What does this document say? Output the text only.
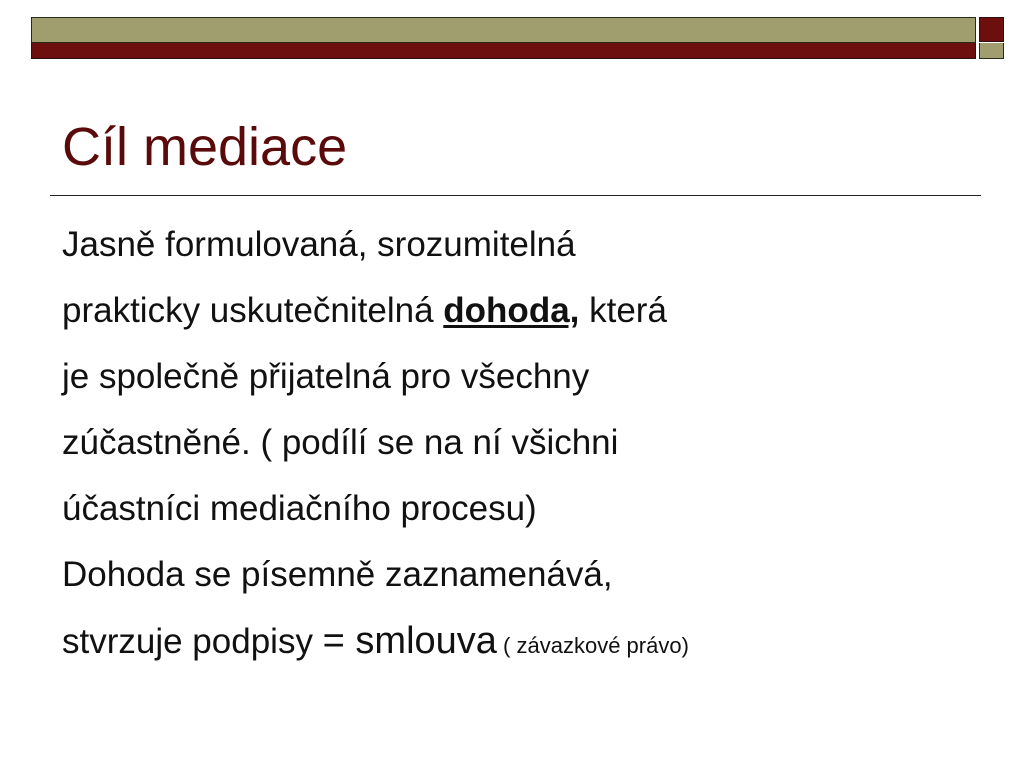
Cíl mediace
Jasně formulovaná, srozumitelná
prakticky uskutečnitelná dohoda, která
je společně přijatelná pro všechny
zúčastněné. ( podílí se na ní všichni
účastníci mediačního procesu)
Dohoda se písemně zaznamenává,
stvrzuje podpisy = smlouva ( závazkové právo)
